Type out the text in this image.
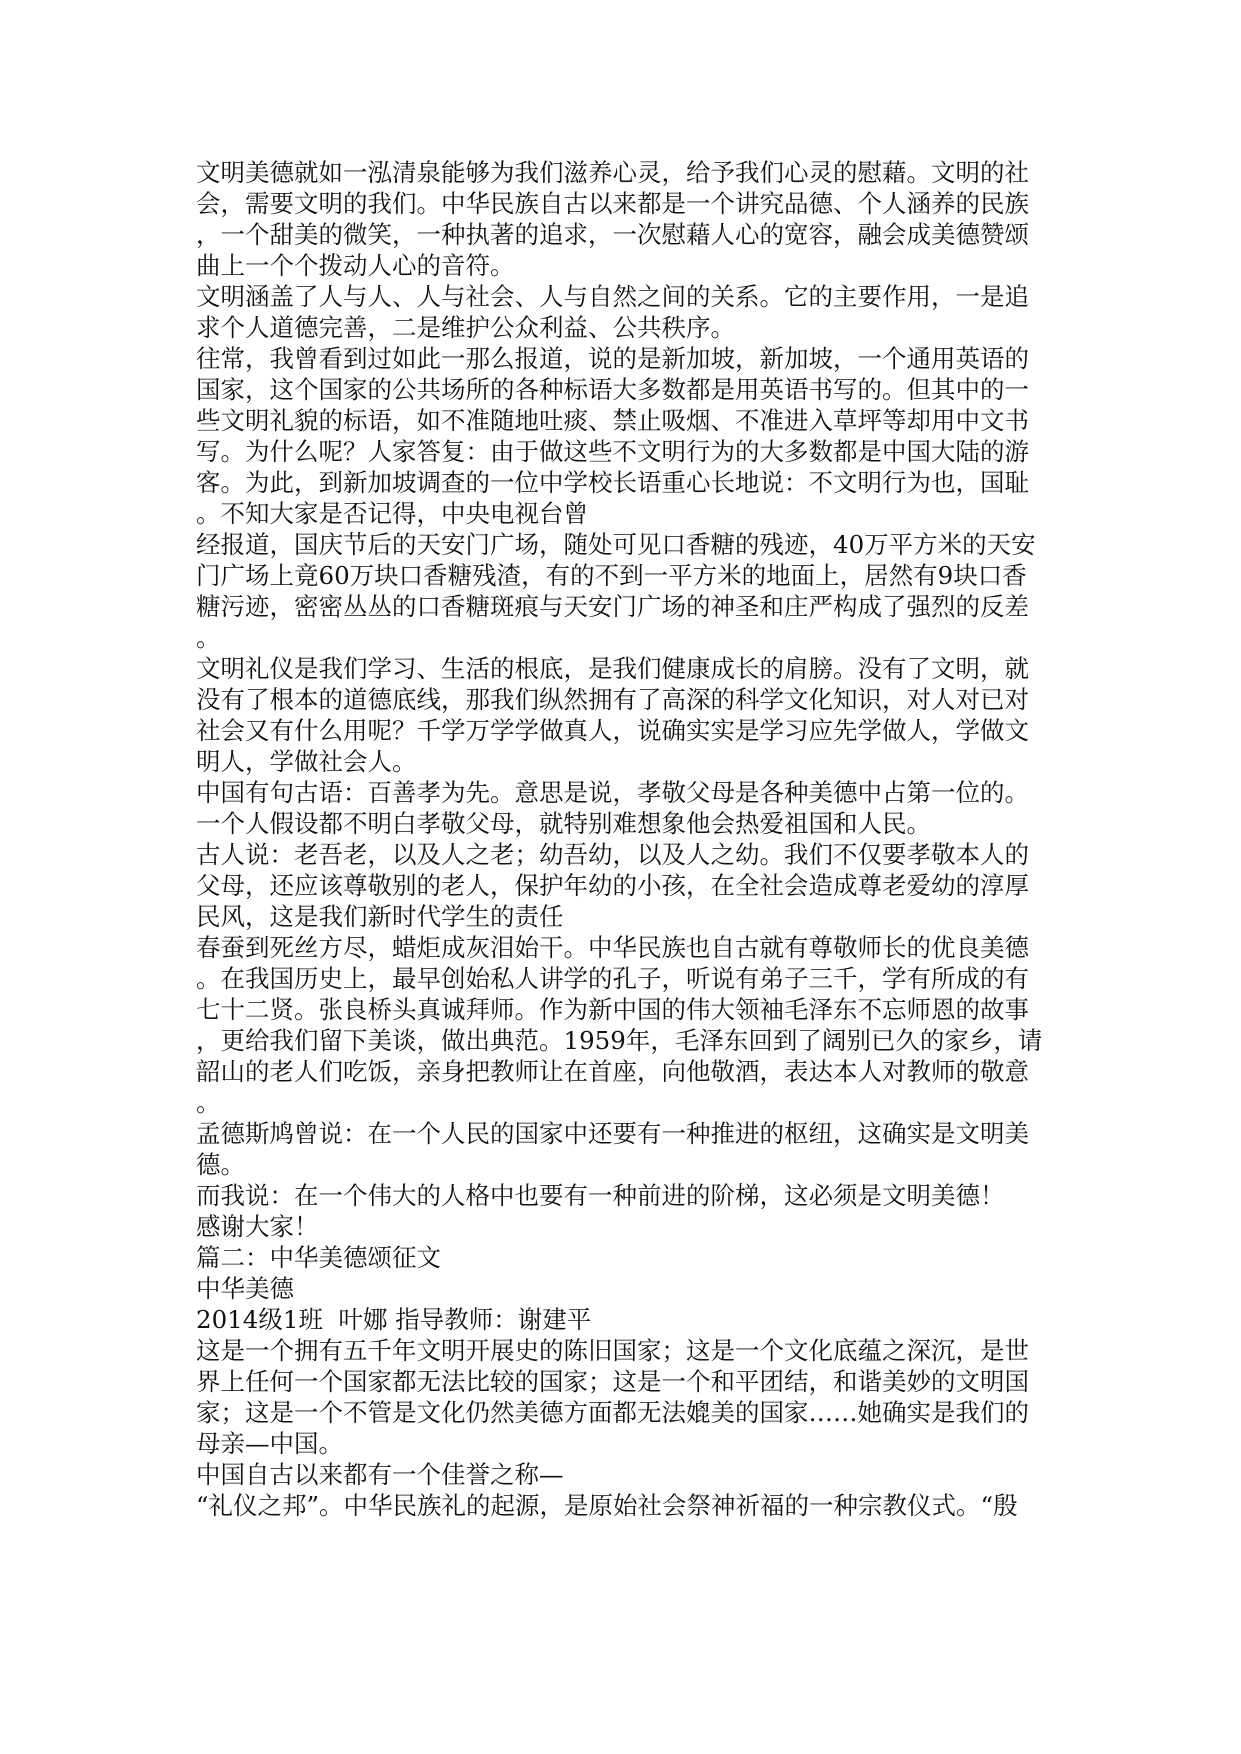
文明美德就如一泓清泉能够为我们滋养心灵，给予我们心灵的慰藉。文明的社
会，需要文明的我们。中华民族自古以来都是一个讲究品德、个人涵养的民族
，一个甜美的微笑，一种执著的追求，一次慰藉人心的宽容，融会成美德赞颂
曲上一个个拨动人心的音符。
文明涵盖了人与人、人与社会、人与自然之间的关系。它的主要作用，一是追
求个人道德完善，二是维护公众利益、公共秩序。
往常，我曾看到过如此一那么报道，说的是新加坡，新加坡，一个通用英语的
国家，这个国家的公共场所的各种标语大多数都是用英语书写的。但其中的一
些文明礼貌的标语，如不准随地吐痰、禁止吸烟、不准进入草坪等却用中文书
写。为什么呢？人家答复：由于做这些不文明行为的大多数都是中国大陆的游
客。为此，到新加坡调查的一位中学校长语重心长地说：不文明行为也，国耻
。不知大家是否记得，中央电视台曾
经报道，国庆节后的天安门广场，随处可见口香糖的残迹，40万平方米的天安
门广场上竟60万块口香糖残渣，有的不到一平方米的地面上，居然有9块口香
糖污迹，密密丛丛的口香糖斑痕与天安门广场的神圣和庄严构成了强烈的反差
。
文明礼仪是我们学习、生活的根底，是我们健康成长的肩膀。没有了文明，就
没有了根本的道德底线，那我们纵然拥有了高深的科学文化知识，对人对已对
社会又有什么用呢？千学万学学做真人，说确实实是学习应先学做人，学做文
明人，学做社会人。
中国有句古语：百善孝为先。意思是说，孝敬父母是各种美德中占第一位的。
一个人假设都不明白孝敬父母，就特别难想象他会热爱祖国和人民。
古人说：老吾老，以及人之老；幼吾幼，以及人之幼。我们不仅要孝敬本人的
父母，还应该尊敬别的老人，保护年幼的小孩，在全社会造成尊老爱幼的淳厚
民风，这是我们新时代学生的责任
春蚕到死丝方尽，蜡炬成灰泪始干。中华民族也自古就有尊敬师长的优良美德
。在我国历史上，最早创始私人讲学的孔子，听说有弟子三千，学有所成的有
七十二贤。张良桥头真诚拜师。作为新中国的伟大领袖毛泽东不忘师恩的故事
，更给我们留下美谈，做出典范。1959年，毛泽东回到了阔别已久的家乡，请
韶山的老人们吃饭，亲身把教师让在首座，向他敬酒，表达本人对教师的敬意
。
孟德斯鸠曾说：在一个人民的国家中还要有一种推进的枢纽，这确实是文明美
德。
而我说：在一个伟大的人格中也要有一种前进的阶梯，这必须是文明美德！
感谢大家！
篇二：中华美德颂征文
中华美德
2014级1班  叶娜 指导教师：谢建平
这是一个拥有五千年文明开展史的陈旧国家；这是一个文化底蕴之深沉，是世
界上任何一个国家都无法比较的国家；这是一个和平团结，和谐美妙的文明国
家；这是一个不管是文化仍然美德方面都无法媲美的国家……她确实是我们的
母亲—中国。
中国自古以来都有一个佳誉之称—
“礼仪之邦”。中华民族礼的起源，是原始社会祭神祈福的一种宗教仪式。“殷
